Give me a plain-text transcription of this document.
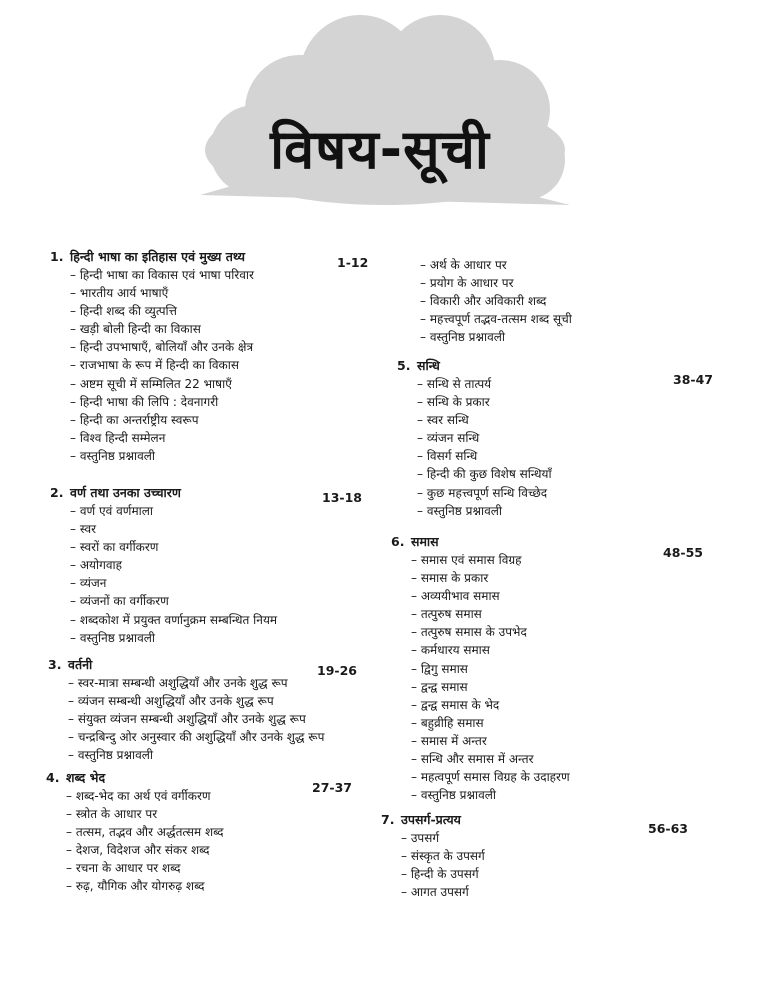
विषय-सूची
1. हिन्दी भाषा का इतिहास एवं मुख्य तथ्य
– हिन्दी भाषा का विकास एवं भाषा परिवार
– भारतीय आर्य भाषाएँ
– हिन्दी शब्द की व्युत्पत्ति
– खड़ी बोली हिन्दी का विकास
– हिन्दी उपभाषाएँ, बोलियाँ और उनके क्षेत्र
– राजभाषा के रूप में हिन्दी का विकास
– अष्टम सूची में सम्मिलित 22 भाषाएँ
– हिन्दी भाषा की लिपि : देवनागरी
– हिन्दी का अन्तर्राष्ट्रीय स्वरूप
– विश्व हिन्दी सम्मेलन
– वस्तुनिष्ठ प्रश्नावली
1-12
2. वर्ण तथा उनका उच्चारण
– वर्ण एवं वर्णमाला
– स्वर
– स्वरों का वर्गीकरण
– अयोगवाह
– व्यंजन
– व्यंजनों का वर्गीकरण
– शब्दकोश में प्रयुक्त वर्णानुक्रम सम्बन्धित नियम
– वस्तुनिष्ठ प्रश्नावली
13-18
3. वर्तनी
– स्वर-मात्रा सम्बन्धी अशुद्धियाँ और उनके शुद्ध रूप
– व्यंजन सम्बन्धी अशुद्धियाँ और उनके शुद्ध रूप
– संयुक्त व्यंजन सम्बन्धी अशुद्धियाँ और उनके शुद्ध रूप
– चन्द्रबिन्दु ओर अनुस्वार की अशुद्धियाँ और उनके शुद्ध रूप
– वस्तुनिष्ठ प्रश्नावली
19-26
4. शब्द भेद
– शब्द-भेद का अर्थ एवं वर्गीकरण
– स्त्रोत के आधार पर
– तत्सम, तद्भव और अर्द्धतत्सम शब्द
– देशज, विदेशज और संकर शब्द
– रचना के आधार पर शब्द
– रुढ़, यौगिक और योगरुढ़ शब्द
27-37
– अर्थ के आधार पर
– प्रयोग के आधार पर
– विकारी और अविकारी शब्द
– महत्त्वपूर्ण तद्भव-तत्सम शब्द सूची
– वस्तुनिष्ठ प्रश्नावली
5. सन्धि
– सन्धि से तात्पर्य
– सन्धि के प्रकार
– स्वर सन्धि
– व्यंजन सन्धि
– विसर्ग सन्धि
– हिन्दी की कुछ विशेष सन्धियाँ
– कुछ महत्त्वपूर्ण सन्धि विच्छेद
– वस्तुनिष्ठ प्रश्नावली
38-47
6. समास
– समास एवं समास विग्रह
– समास के प्रकार
– अव्ययीभाव समास
– तत्पुरुष समास
– तत्पुरुष समास के उपभेद
– कर्मधारय समास
– द्विगु समास
– द्वन्द्व समास
– द्वन्द्व समास के भेद
– बहुव्रीहि समास
– समास में अन्तर
– सन्धि और समास में अन्तर
– महत्वपूर्ण समास विग्रह के उदाहरण
– वस्तुनिष्ठ प्रश्नावली
48-55
7. उपसर्ग-प्रत्यय
– उपसर्ग
– संस्कृत के उपसर्ग
– हिन्दी के उपसर्ग
– आगत उपसर्ग
56-63
